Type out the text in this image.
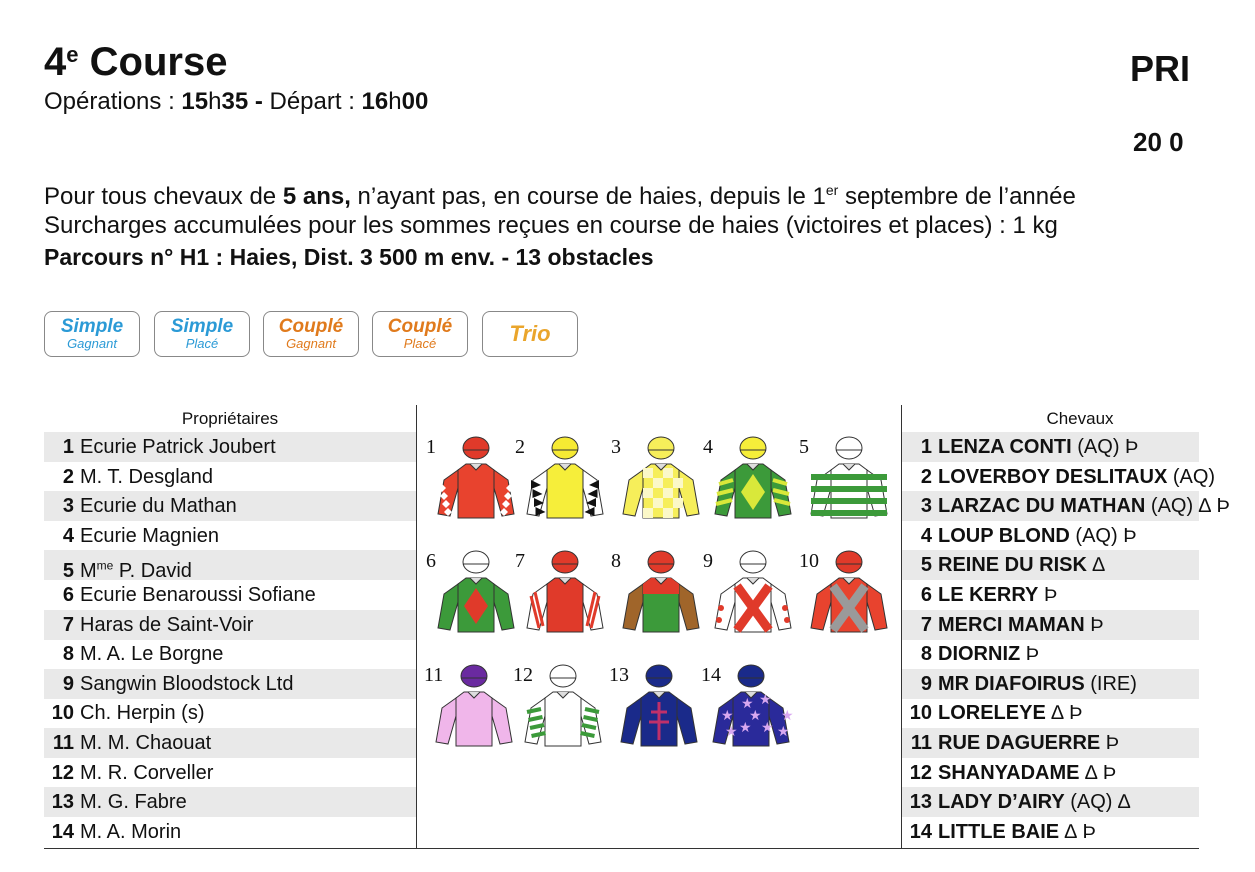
4e Course
Opérations : 15h35 - Départ : 16h00
PRI
20 0
Pour tous chevaux de 5 ans, n’ayant pas, en course de haies, depuis le 1er septembre de l’année
Surcharges accumulées pour les sommes reçues en course de haies (victoires et places) : 1 kg
Parcours n° H1 : Haies, Dist. 3 500 m env. - 13 obstacles
Simple
Gagnant
Simple
Placé
Couplé
Gagnant
Couplé
Placé	Trio
Propriétaires	Chevaux
1 Ecurie Patrick Joubert
2 M. T. Desgland
3 Ecurie du Mathan
4 Ecurie Magnien
5 $M^{me}$ P. David
6 Ecurie Benaroussi Sofiane
7 Haras de Saint-Voir
8 M. A. Le Borgne
9 Sangwin Bloodstock Ltd
10 Ch. Herpin (s)
11 M. M. Chaouat
12 M. R. Corveller
13 M. G. Fabre
14 M. A. Morin
1 LENZA CONTI (AQ) Þ
2 LOVERBOY DESLITAUX (AQ)
3 LARZAC DU MATHAN (AQ) ∆ Þ
4 LOUP BLOND (AQ) Þ
5 REINE DU RISK ∆
6 LE KERRY Þ
7 MERCI MAMAN Þ
8 DIORNIZ Þ
9 MR DIAFOIRUS (IRE)
10 LORELEYE ∆ Þ
11 RUE DAGUERRE Þ
12 SHANYADAME ∆ Þ
13 LADY D’AIRY (AQ) ∆
14 LITTLE BAIE ∆ Þ
1	2	3	4	5
6	7	8	9	10
11	12	13
★ ★
★
★ ★
★	★
★	★
14
